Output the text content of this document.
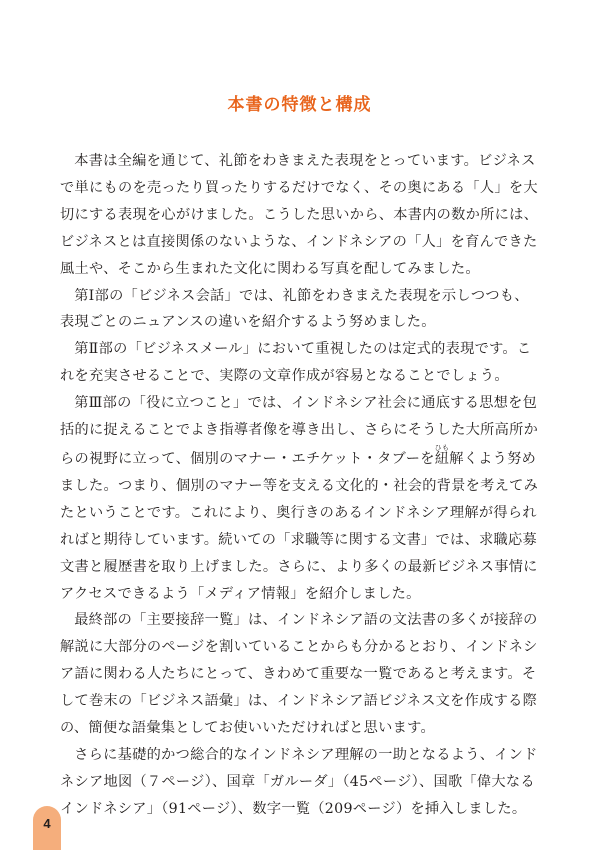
本書の特徴と構成

本書は全編を通じて、礼節をわきまえた表現をとっています。ビジネス
で単にものを売ったり買ったりするだけでなく、その奥にある「人」を大
切にする表現を心がけました。こうした思いから、本書内の数か所には、
ビジネスとは直接関係のないような、インドネシアの「人」を育んできた
風土や、そこから生まれた文化に関わる写真を配してみました。

第Ⅰ部の「ビジネス会話」では、礼節をわきまえた表現を示しつつも、
表現ごとのニュアンスの違いを紹介するよう努めました。

第Ⅱ部の「ビジネスメール」において重視したのは定式的表現です。こ
れを充実させることで、実際の文章作成が容易となることでしょう。

第Ⅲ部の「役に立つこと」では、インドネシア社会に通底する思想を包
括的に捉えることでよき指導者像を導き出し、さらにそうした大所高所か
らの視野に立って、個別のマナー・エチケット・タブーを紐ひも解くよう努め
ました。つまり、個別のマナー等を支える文化的・社会的背景を考えてみ
たということです。これにより、奥行きのあるインドネシア理解が得られ
ればと期待しています。続いての「求職等に関する文書」では、求職応募
文書と履歴書を取り上げました。さらに、より多くの最新ビジネス事情に
アクセスできるよう「メディア情報」を紹介しました。

最終部の「主要接辞一覧」は、インドネシア語の文法書の多くが接辞の
解説に大部分のページを割いていることからも分かるとおり、インドネシ
ア語に関わる人たちにとって、きわめて重要な一覧であると考えます。そ
して巻末の「ビジネス語彙」は、インドネシア語ビジネス文を作成する際
の、簡便な語彙集としてお使いいただければと思います。

さらに基礎的かつ総合的なインドネシア理解の一助となるよう、インド
ネシア地図（７ページ）、国章「ガルーダ」（45ページ）、国歌「偉大なる
インドネシア」（91ページ）、数字一覧（209ページ）を挿入しました。

4
